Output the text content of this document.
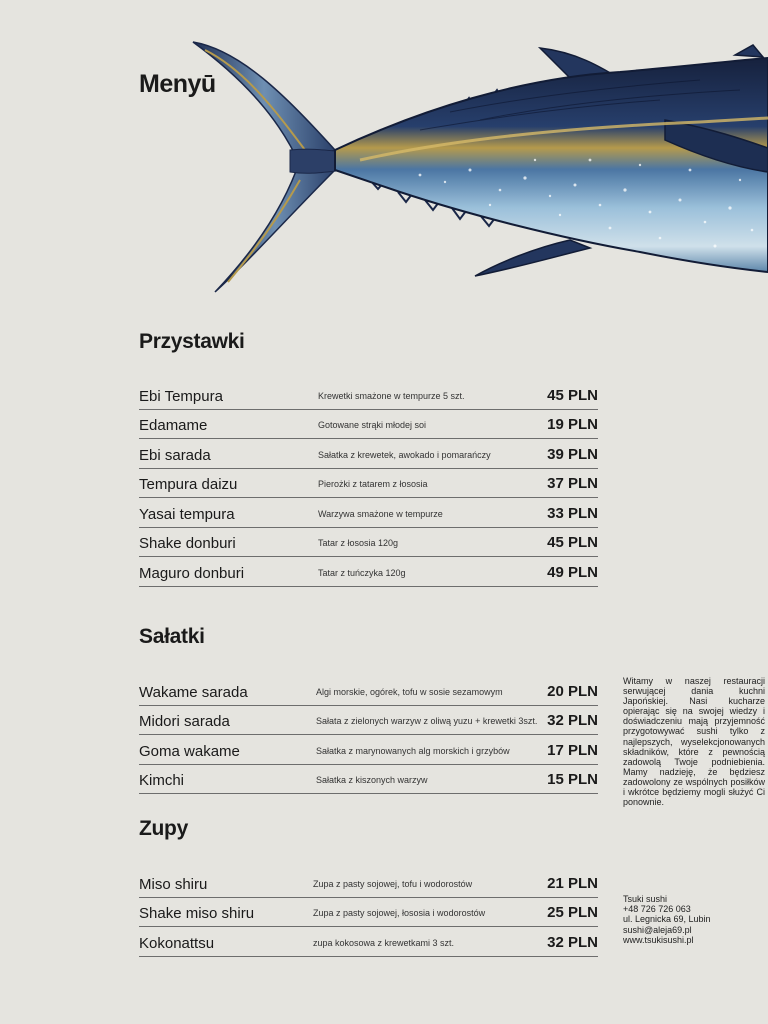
Menyū
Przystawki
Ebi Tempura	Krewetki smażone w tempurze 5 szt.	45 PLN
Edamame	Gotowane strąki młodej soi	19 PLN
Ebi sarada	Sałatka z krewetek, awokado i pomarańczy	39 PLN
Tempura daizu	Pierożki z tatarem z łososia	37 PLN
Yasai tempura	Warzywa smażone w tempurze	33 PLN
Shake donburi	Tatar z łososia 120g	45 PLN
Maguro donburi	Tatar z tuńczyka 120g	49 PLN
Sałatki
Wakame sarada	Algi morskie, ogórek, tofu w sosie sezamowym	20 PLN
Midori sarada	Sałata z zielonych warzyw z oliwą yuzu + krewetki 3szt. 32 PLN
Goma wakame	Sałatka z marynowanych alg morskich i grzybów	17 PLN
Kimchi	Sałatka z kiszonych warzyw	15 PLN
Zupy
Miso shiru	Zupa z pasty sojowej, tofu i wodorostów	21 PLN
Shake miso shiru	Zupa z pasty sojowej, łososia i wodorostów	25 PLN
Kokonattsu	zupa kokosowa z krewetkami 3 szt.	32 PLN
Witamy w naszej restauracji serwującej dania kuchni Japońskiej. Nasi kucharze opierając się na swojej wiedzy i doświadczeniu mają przyjemność przygotowywać sushi tylko z najlepszych, wyselekcjonowanych składników, które z pewnością zadowolą Twoje podniebienia. Mamy nadzieję, że będziesz zadowolony ze wspólnych posiłków i wkrótce będziemy mogli służyć Ci ponownie.
Tsuki sushi
+48 726 726 063
ul. Legnicka 69, Lubin
sushi@aleja69.pl
www.tsukisushi.pl
